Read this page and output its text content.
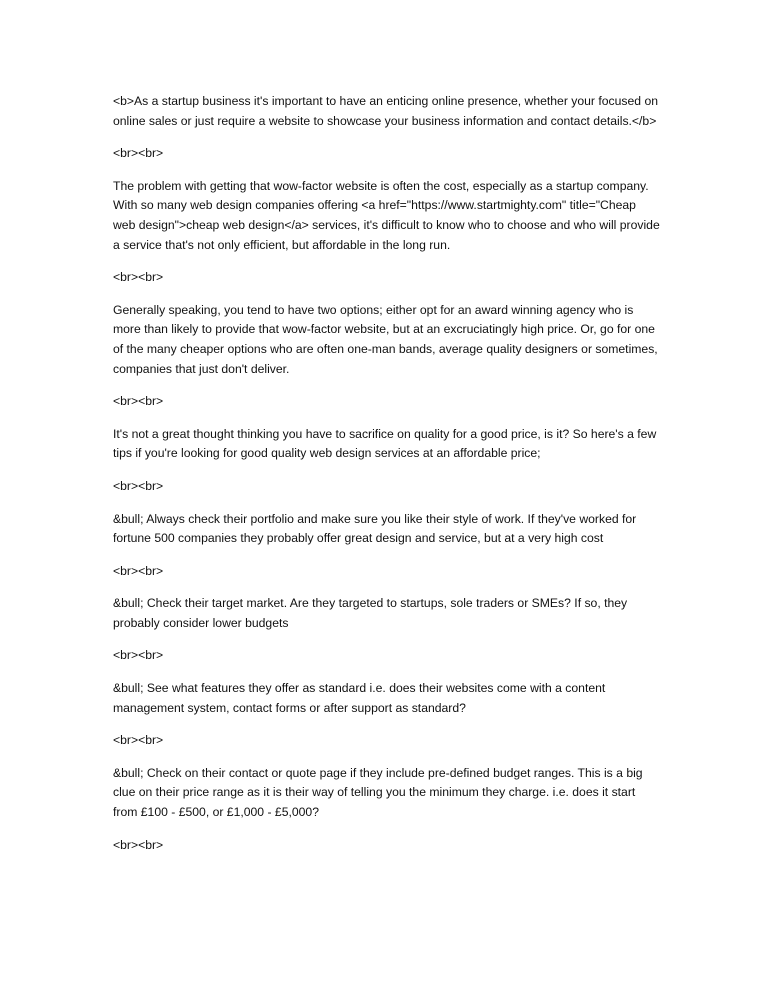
<b>As a startup business it's important to have an enticing online presence, whether your focused on online sales or just require a website to showcase your business information and contact details.</b>

<br><br>

The problem with getting that wow-factor website is often the cost, especially as a startup company. With so many web design companies offering <a href="https://www.startmighty.com" title="Cheap web design">cheap web design</a> services, it's difficult to know who to choose and who will provide a service that's not only efficient, but affordable in the long run.

<br><br>

Generally speaking, you tend to have two options; either opt for an award winning agency who is more than likely to provide that wow-factor website, but at an excruciatingly high price. Or, go for one of the many cheaper options who are often one-man bands, average quality designers or sometimes, companies that just don't deliver.

<br><br>

It's not a great thought thinking you have to sacrifice on quality for a good price, is it? So here's a few tips if you're looking for good quality web design services at an affordable price;

<br><br>

&bull; Always check their portfolio and make sure you like their style of work. If they've worked for fortune 500 companies they probably offer great design and service, but at a very high cost

<br><br>

&bull; Check their target market. Are they targeted to startups, sole traders or SMEs? If so, they probably consider lower budgets

<br><br>

&bull; See what features they offer as standard i.e. does their websites come with a content management system, contact forms or after support as standard?

<br><br>

&bull; Check on their contact or quote page if they include pre-defined budget ranges. This is a big clue on their price range as it is their way of telling you the minimum they charge. i.e. does it start from £100 - £500, or £1,000 - £5,000?

<br><br>
